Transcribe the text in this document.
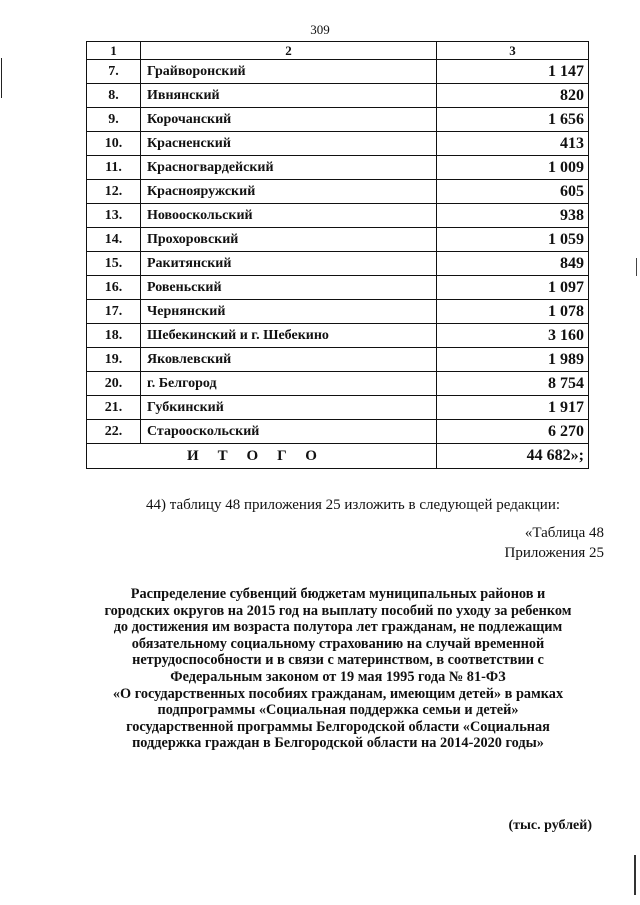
309
1	2	3
7.	Грайворонский	1 147
8.	Ивнянский	820
9.	Корочанский	1 656
10.	Красненский	413
11.	Красногвардейский	1 009
12.	Краснояружский	605
13.	Новооскольский	938
14.	Прохоровский	1 059
15.	Ракитянский	849
16.	Ровеньский	1 097
17.	Чернянский	1 078
18.	Шебекинский и г. Шебекино	3 160
19.	Яковлевский	1 989
20.	г. Белгород	8 754
21.	Губкинский	1 917
22.	Старооскольский	6 270
ИТОГО		44 682»;
44) таблицу 48 приложения 25 изложить в следующей редакции:
«Таблица 48
Приложения 25
Распределение субвенций бюджетам муниципальных районов и
городских округов на 2015 год на выплату пособий по уходу за ребенком
до достижения им возраста полутора лет гражданам, не подлежащим
обязательному социальному страхованию на случай временной
нетрудоспособности и в связи с материнством, в соответствии с
Федеральным законом от 19 мая 1995 года № 81-ФЗ
«О государственных пособиях гражданам, имеющим детей» в рамках
подпрограммы «Социальная поддержка семьи и детей»
государственной программы Белгородской области «Социальная
поддержка граждан в Белгородской области на 2014-2020 годы»
(тыс. рублей)
